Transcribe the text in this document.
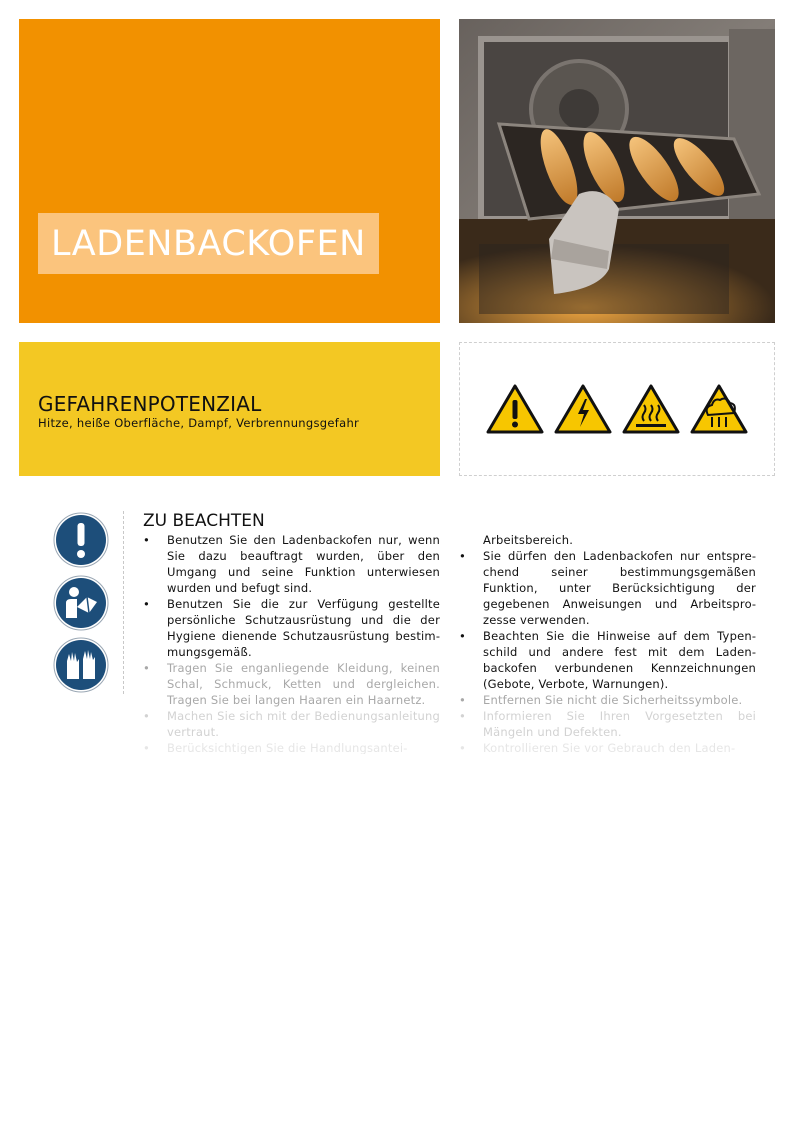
LADENBACKOFEN
GEFAHRENPOTENZIAL
Hitze, heiße Oberfläche, Dampf, Verbrennungsgefahr
ZU BEACHTEN
• Benutzen Sie den Ladenbackofen nur, wenn Sie dazu beauftragt wurden, über den Umgang und seine Funktion unterwiesen wurden und befugt sind.
• Benutzen Sie die zur Verfügung gestellte persönliche Schutzausrüstung und die der Hygiene dienende Schutzausrüstung bestimmungsgemäß.
• Tragen Sie enganliegende Kleidung, keinen Schal, Schmuck, Ketten und dergleichen. Tragen Sie bei langen Haaren ein Haarnetz.
• Machen Sie sich mit der Bedienungsanleitung vertraut.
• Berücksichtigen Sie die Handlungsantei-
Arbeitsbereich.
• Sie dürfen den Ladenbackofen nur entsprechend seiner bestimmungsgemäßen Funktion, unter Berücksichtigung der gegebenen Anweisungen und Arbeitsprozesse verwenden.
• Beachten Sie die Hinweise auf dem Typenschild und andere fest mit dem Ladenbackofen verbundenen Kennzeichnungen (Gebote, Verbote, Warnungen).
• Entfernen Sie nicht die Sicherheitssymbole.
• Informieren Sie Ihren Vorgesetzten bei Mängeln und Defekten.
• Kontrollieren Sie vor Gebrauch den Laden-
